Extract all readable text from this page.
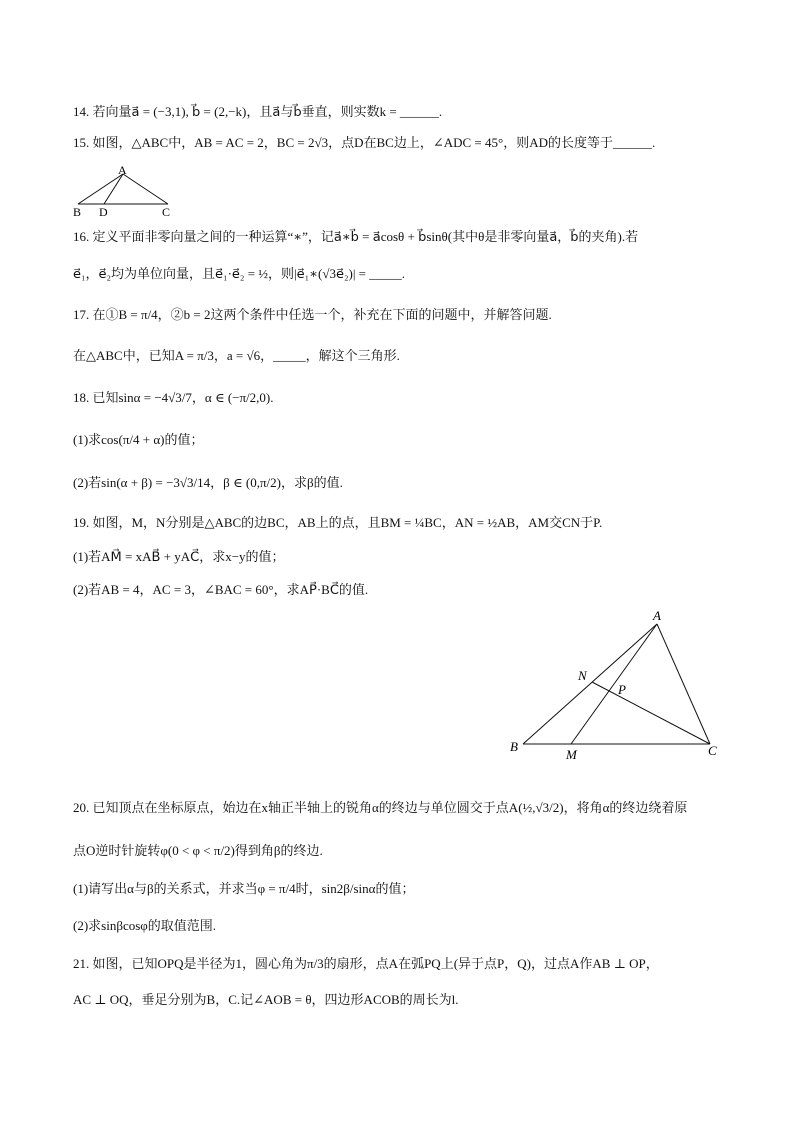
14. 若向量a⃗ = (−3,1), b⃗ = (2,−k)，且a⃗与b⃗垂直，则实数k = ______.
15. 如图，△ABC中，AB = AC = 2，BC = 2√3，点D在BC边上，∠ADC = 45°，则AD的长度等于______.
A
B D	C
16. 定义平面非零向量之间的一种运算“∗”，记a⃗∗b⃗ = a⃗cosθ + b⃗sinθ(其中θ是非零向量a⃗，b⃗的夹角).若
e⃗₁，e⃗₂均为单位向量，且e⃗₁·e⃗₂ = ½，则|e⃗₁∗(√3e⃗₂)| = _____.
17. 在①B = π/4，②b = 2这两个条件中任选一个，补充在下面的问题中，并解答问题.
在△ABC中，已知A = π/3，a = √6，_____，解这个三角形.
18. 已知sinα = −4√3/7，α ∈ (−π/2,0).
(1)求cos(π/4 + α)的值；
(2)若sin(α + β) = −3√3/14，β ∈ (0,π/2)，求β的值.
19. 如图，M，N分别是△ABC的边BC，AB上的点，且BM = ¼BC，AN = ½AB，AM交CN于P.
(1)若AM⃗ = xAB⃗ + yAC⃗，求x−y的值；
(2)若AB = 4，AC = 3，∠BAC = 60°，求AP⃗·BC⃗的值.
A
N
P
B
M	C
20. 已知顶点在坐标原点，始边在x轴正半轴上的锐角α的终边与单位圆交于点A(½,√3/2)，将角α的终边绕着原
点O逆时针旋转φ(0 < φ < π/2)得到角β的终边.
(1)请写出α与β的关系式，并求当φ = π/4时，sin2β/sinα的值；
(2)求sinβcosφ的取值范围.
21. 如图，已知OPQ是半径为1，圆心角为π/3的扇形，点A在弧PQ上(异于点P，Q)，过点A作AB ⊥ OP，
AC ⊥ OQ，垂足分别为B，C.记∠AOB = θ，四边形ACOB的周长为l.
